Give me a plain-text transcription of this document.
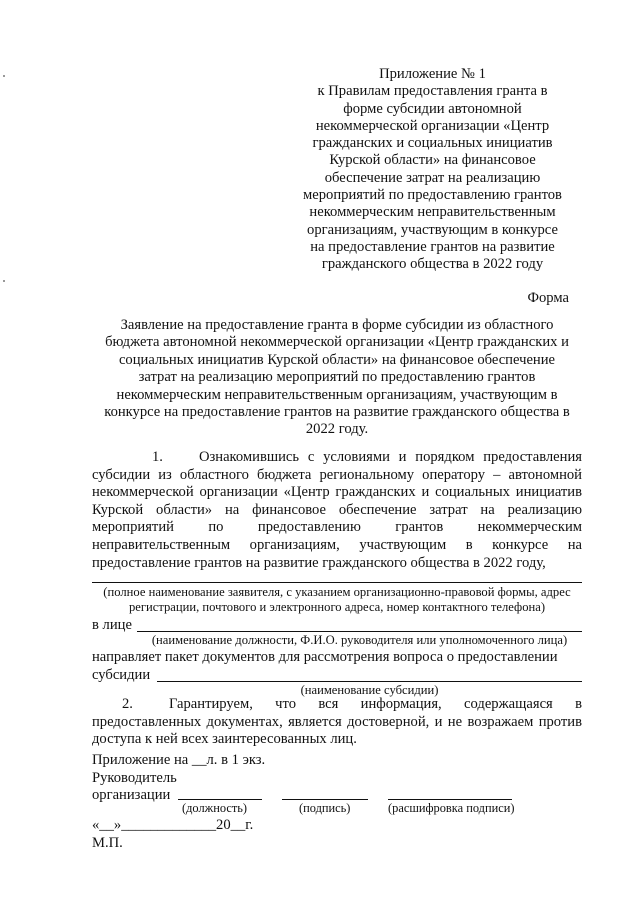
Приложение № 1
к Правилам предоставления гранта в
форме субсидии автономной
некоммерческой организации «Центр
гражданских и социальных инициатив
Курской области» на финансовое
обеспечение затрат на реализацию
мероприятий по предоставлению грантов
некоммерческим неправительственным
организациям, участвующим в конкурсе
на предоставление грантов на развитие
гражданского общества в 2022 году
Форма
Заявление на предоставление гранта в форме субсидии из областного
бюджета автономной некоммерческой организации «Центр гражданских и
социальных инициатив Курской области» на финансовое обеспечение
затрат на реализацию мероприятий по предоставлению грантов
некоммерческим неправительственным организациям, участвующим в
конкурсе на предоставление грантов на развитие гражданского общества в
2022 году.
1. Ознакомившись с условиями и порядком предоставления субсидии из областного бюджета региональному оператору – автономной некоммерческой организации «Центр гражданских и социальных инициатив Курской области» на финансовое обеспечение затрат на реализацию мероприятий по предоставлению грантов некоммерческим неправительственным организациям, участвующим в конкурсе на предоставление грантов на развитие гражданского общества в 2022 году,
(полное наименование заявителя, с указанием организационно-правовой формы, адрес
регистрации, почтового и электронного адреса, номер контактного телефона)
в лице
(наименование должности, Ф.И.О. руководителя или уполномоченного лица)
направляет пакет документов для рассмотрения вопроса о предоставлении
субсидии
(наименование субсидии)
2. Гарантируем, что вся информация, содержащаяся в предоставленных документах, является достоверной, и не возражаем против доступа к ней всех заинтересованных лиц.
Приложение на __л. в 1 экз.
Руководитель
организации
(должность)	(подпись)	(расшифровка подписи)
«__»_____________20__г.
М.П.
